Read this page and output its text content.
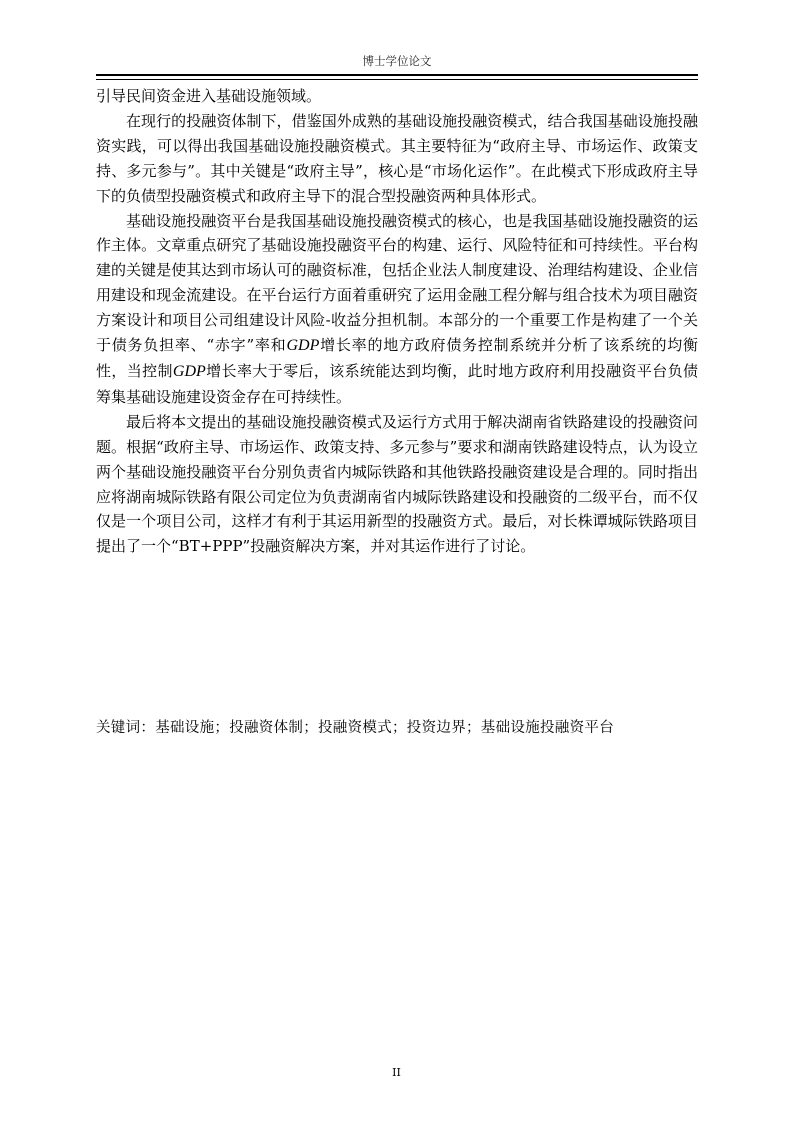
博士学位论文

引导民间资金进入基础设施领域。

在现行的投融资体制下，借鉴国外成熟的基础设施投融资模式，结合我国基础设施投融资实践，可以得出我国基础设施投融资模式。其主要特征为“政府主导、市场运作、政策支持、多元参与”。其中关键是“政府主导”，核心是“市场化运作”。在此模式下形成政府主导下的负债型投融资模式和政府主导下的混合型投融资两种具体形式。

基础设施投融资平台是我国基础设施投融资模式的核心，也是我国基础设施投融资的运作主体。文章重点研究了基础设施投融资平台的构建、运行、风险特征和可持续性。平台构建的关键是使其达到市场认可的融资标准，包括企业法人制度建设、治理结构建设、企业信用建设和现金流建设。在平台运行方面着重研究了运用金融工程分解与组合技术为项目融资方案设计和项目公司组建设计风险-收益分担机制。本部分的一个重要工作是构建了一个关于债务负担率、“赤字”率和GDP增长率的地方政府债务控制系统并分析了该系统的均衡性，当控制GDP增长率大于零后，该系统能达到均衡，此时地方政府利用投融资平台负债筹集基础设施建设资金存在可持续性。

最后将本文提出的基础设施投融资模式及运行方式用于解决湖南省铁路建设的投融资问题。根据“政府主导、市场运作、政策支持、多元参与”要求和湖南铁路建设特点，认为设立两个基础设施投融资平台分别负责省内城际铁路和其他铁路投融资建设是合理的。同时指出应将湖南城际铁路有限公司定位为负责湖南省内城际铁路建设和投融资的二级平台，而不仅仅是一个项目公司，这样才有利于其运用新型的投融资方式。最后，对长株谭城际铁路项目提出了一个“BT+PPP”投融资解决方案，并对其运作进行了讨论。

关键词：基础设施；投融资体制；投融资模式；投资边界；基础设施投融资平台
II
